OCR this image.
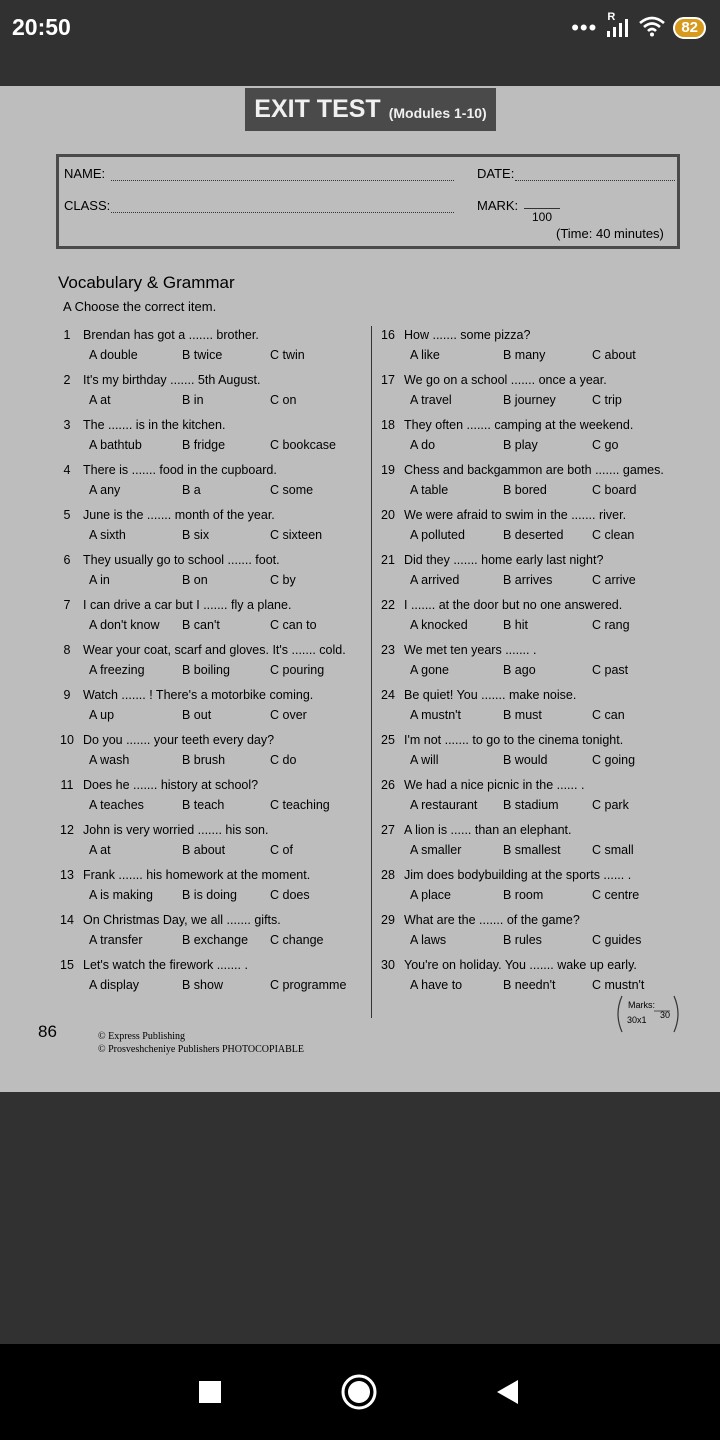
20:50	••• R
82
EXIT TEST (Modules 1-10)
NAME:	DATE:
CLASS:	MARK:
100
(Time: 40 minutes)
Vocabulary & Grammar
A Choose the correct item.
1	Brendan has got a ....... brother.
A double	B twice	C twin
2	It's my birthday ....... 5th August.
A at	B in	C on
3	The ....... is in the kitchen.
A bathtub	B fridge	C bookcase
4	There is ....... food in the cupboard.
A any	B a	C some
5	June is the ....... month of the year.
A sixth	B six	C sixteen
6	They usually go to school ....... foot.
A in	B on	C by
7	I can drive a car but I ....... fly a plane.
A don't know B can't	C can to
8	Wear your coat, scarf and gloves. It's ....... cold.
A freezing	B boiling	C pouring
9	Watch ....... ! There's a motorbike coming.
A up	B out	C over
10 Do you ....... your teeth every day?
A wash	B brush	C do
11 Does he ....... history at school?
A teaches	B teach	C teaching
12 John is very worried ....... his son.
A at	B about	C of
13 Frank ....... his homework at the moment.
A is making B is doing	C does
14 On Christmas Day, we all ....... gifts.
A transfer	B exchange C change
15 Let's watch the firework ....... .
A display	B show	C programme
16 How ....... some pizza?
A like	B many	C about
17 We go on a school ....... once a year.
A travel	B journey	C trip
18 They often ....... camping at the weekend.
A do	B play	C go
19 Chess and backgammon are both ....... games.
A table	B bored	C board
20 We were afraid to swim in the ....... river.
A polluted	B deserted C clean
21 Did they ....... home early last night?
A arrived	B arrives	C arrive
22 I ....... at the door but no one answered.
A knocked	B hit	C rang
23 We met ten years ....... .
A gone	B ago	C past
24 Be quiet! You ....... make noise.
A mustn't	B must	C can
25 I'm not ....... to go to the cinema tonight.
A will	B would	C going
26 We had a nice picnic in the ...... .
A restaurant B stadium	C park
27 A lion is ...... than an elephant.
A smaller	B smallest	C small
28 Jim does bodybuilding at the sports ...... .
A place	B room	C centre
29 What are the ....... of the game?
A laws	B rules	C guides
30 You're on holiday. You ....... wake up early.
A have to	B needn't	C mustn't
Marks:
30x1 30
86	© Express Publishing
© Prosveshcheniye Publishers PHOTOCOPIABLE
